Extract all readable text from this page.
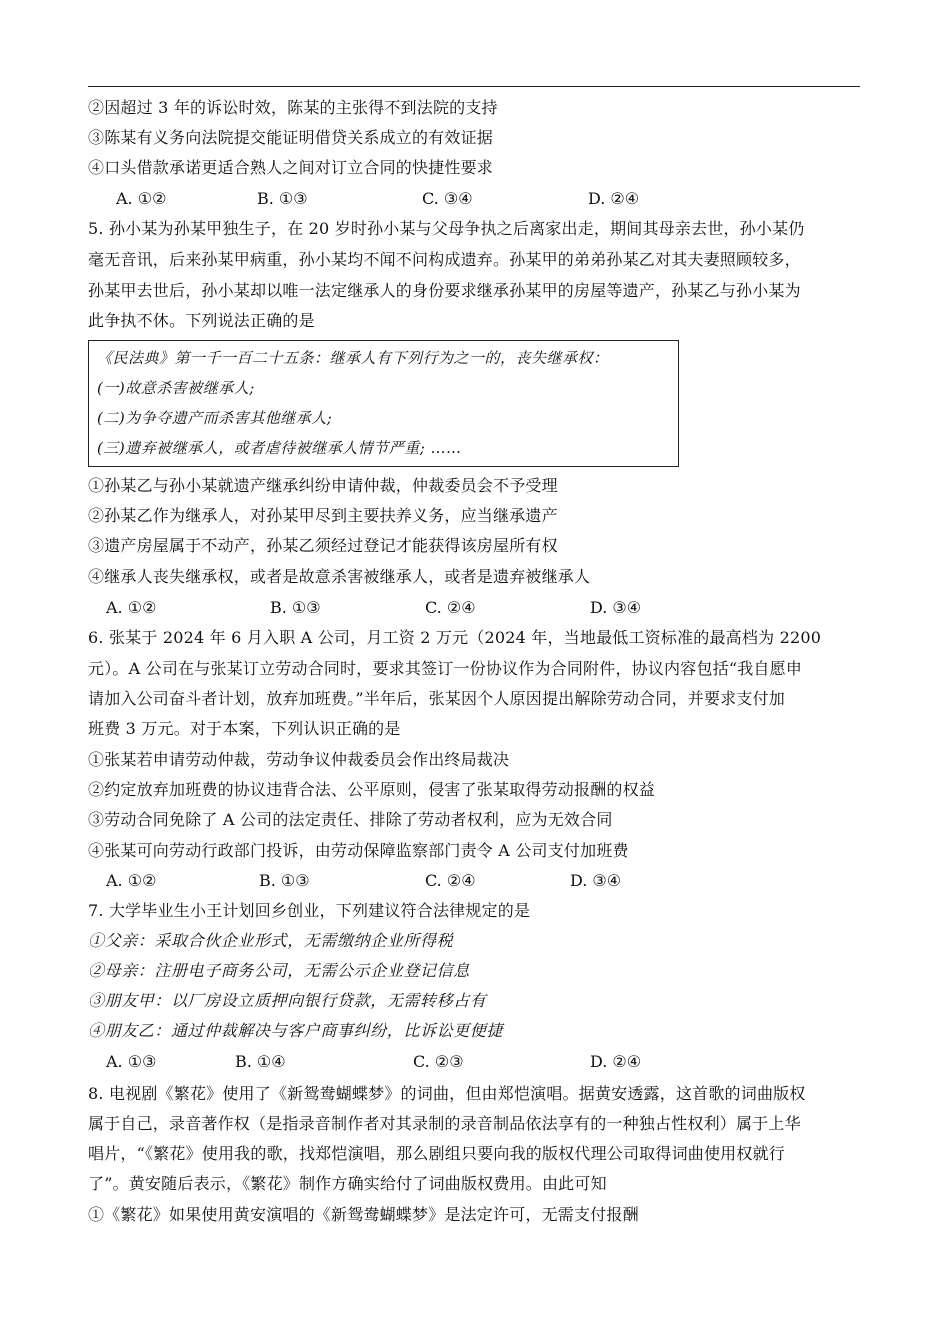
②因超过 3 年的诉讼时效，陈某的主张得不到法院的支持
③陈某有义务向法院提交能证明借贷关系成立的有效证据
④口头借款承诺更适合熟人之间对订立合同的快捷性要求
A. ①②	B. ①③	C. ③④	D. ②④
5. 孙小某为孙某甲独生子，在 20 岁时孙小某与父母争执之后离家出走，期间其母亲去世，孙小某仍
毫无音讯，后来孙某甲病重，孙小某均不闻不问构成遗弃。孙某甲的弟弟孙某乙对其夫妻照顾较多，
孙某甲去世后，孙小某却以唯一法定继承人的身份要求继承孙某甲的房屋等遗产，孙某乙与孙小某为
此争执不休。下列说法正确的是
《民法典》第一千一百二十五条：继承人有下列行为之一的，丧失继承权：
(一)故意杀害被继承人;
(二)为争夺遗产而杀害其他继承人;
(三)遗弃被继承人，或者虐待被继承人情节严重; ……
①孙某乙与孙小某就遗产继承纠纷申请仲裁，仲裁委员会不予受理
②孙某乙作为继承人，对孙某甲尽到主要扶养义务，应当继承遗产
③遗产房屋属于不动产，孙某乙须经过登记才能获得该房屋所有权
④继承人丧失继承权，或者是故意杀害被继承人，或者是遗弃被继承人
A. ①②	B. ①③	C. ②④	D. ③④
6. 张某于 2024 年 6 月入职 A 公司，月工资 2 万元（2024 年，当地最低工资标准的最高档为 2200
元）。A 公司在与张某订立劳动合同时，要求其签订一份协议作为合同附件，协议内容包括“我自愿申
请加入公司奋斗者计划，放弃加班费。”半年后，张某因个人原因提出解除劳动合同，并要求支付加
班费 3 万元。对于本案，下列认识正确的是
①张某若申请劳动仲裁，劳动争议仲裁委员会作出终局裁决
②约定放弃加班费的协议违背合法、公平原则，侵害了张某取得劳动报酬的权益
③劳动合同免除了 A 公司的法定责任、排除了劳动者权利，应为无效合同
④张某可向劳动行政部门投诉，由劳动保障监察部门责令 A 公司支付加班费
A. ①②	B. ①③	C. ②④	D. ③④
7. 大学毕业生小王计划回乡创业，下列建议符合法律规定的是
①父亲：采取合伙企业形式，无需缴纳企业所得税
②母亲：注册电子商务公司，无需公示企业登记信息
③朋友甲：以厂房设立质押向银行贷款，无需转移占有
④朋友乙：通过仲裁解决与客户商事纠纷，比诉讼更便捷
A. ①③	B. ①④	C. ②③	D. ②④
8. 电视剧《繁花》使用了《新鸳鸯蝴蝶梦》的词曲，但由郑恺演唱。据黄安透露，这首歌的词曲版权
属于自己，录音著作权（是指录音制作者对其录制的录音制品依法享有的一种独占性权利）属于上华
唱片，“《繁花》使用我的歌，找郑恺演唱，那么剧组只要向我的版权代理公司取得词曲使用权就行
了”。黄安随后表示，《繁花》制作方确实给付了词曲版权费用。由此可知
①《繁花》如果使用黄安演唱的《新鸳鸯蝴蝶梦》是法定许可，无需支付报酬
